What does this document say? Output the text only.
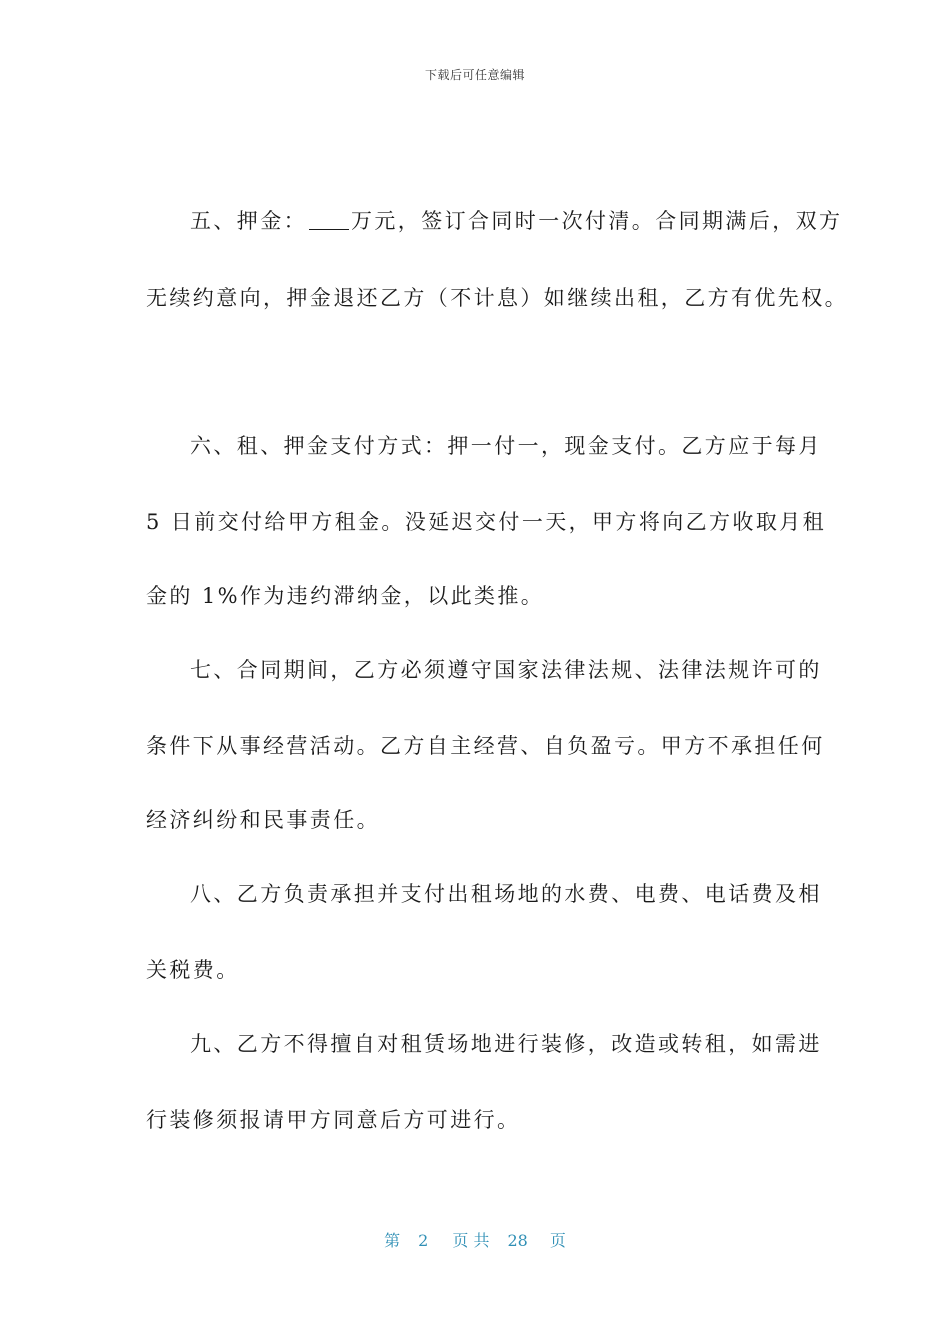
下载后可任意编辑
五、押金： 万元，签订合同时一次付清。合同期满后，双方
无续约意向，押金退还乙方（不计息）如继续出租，乙方有优先权。
六、租、押金支付方式：押一付一，现金支付。乙方应于每月
5 日前交付给甲方租金。没延迟交付一天，甲方将向乙方收取月租
金的 1%作为违约滞纳金，以此类推。
七、合同期间，乙方必须遵守国家法律法规、法律法规许可的
条件下从事经营活动。乙方自主经营、自负盈亏。甲方不承担任何
经济纠纷和民事责任。
八、乙方负责承担并支付出租场地的水费、电费、电话费及相
关税费。
九、乙方不得擅自对租赁场地进行装修，改造或转租，如需进
行装修须报请甲方同意后方可进行。
第 2 页 共 28 页
